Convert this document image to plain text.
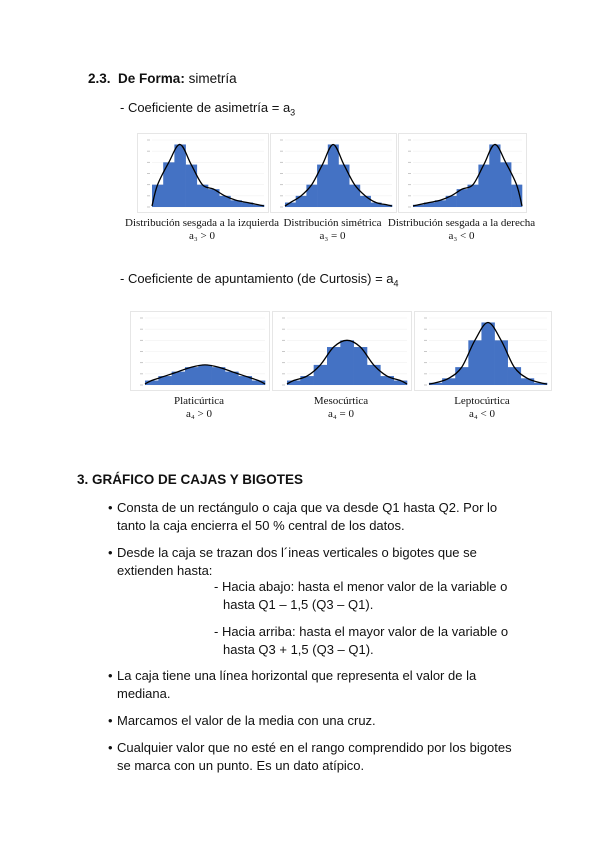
2.3. De Forma: simetría
- Coeficiente de asimetría = $a_3$
Distribución sesgada a la izquierda
a₃ > 0
Distribución simétrica
a₃ = 0
Distribución sesgada a la derecha
a₃ < 0
- Coeficiente de apuntamiento (de Curtosis) = $a_4$
Platicúrtica
a₄ > 0
Mesocúrtica
a₄ = 0
Leptocúrtica
a₄ < 0
3. GRÁFICO DE CAJAS Y BIGOTES
• Consta de un rectángulo o caja que va desde Q1 hasta Q2. Por lo
tanto la caja encierra el 50 % central de los datos.
• Desde la caja se trazan dos l´ineas verticales o bigotes que se
extienden hasta:
- Hacia abajo: hasta el menor valor de la variable o
hasta Q1 – 1,5 (Q3 – Q1).
- Hacia arriba: hasta el mayor valor de la variable o
hasta Q3 + 1,5 (Q3 – Q1).
• La caja tiene una línea horizontal que representa el valor de la
mediana.
• Marcamos el valor de la media con una cruz.
• Cualquier valor que no esté en el rango comprendido por los bigotes
se marca con un punto. Es un dato atípico.
